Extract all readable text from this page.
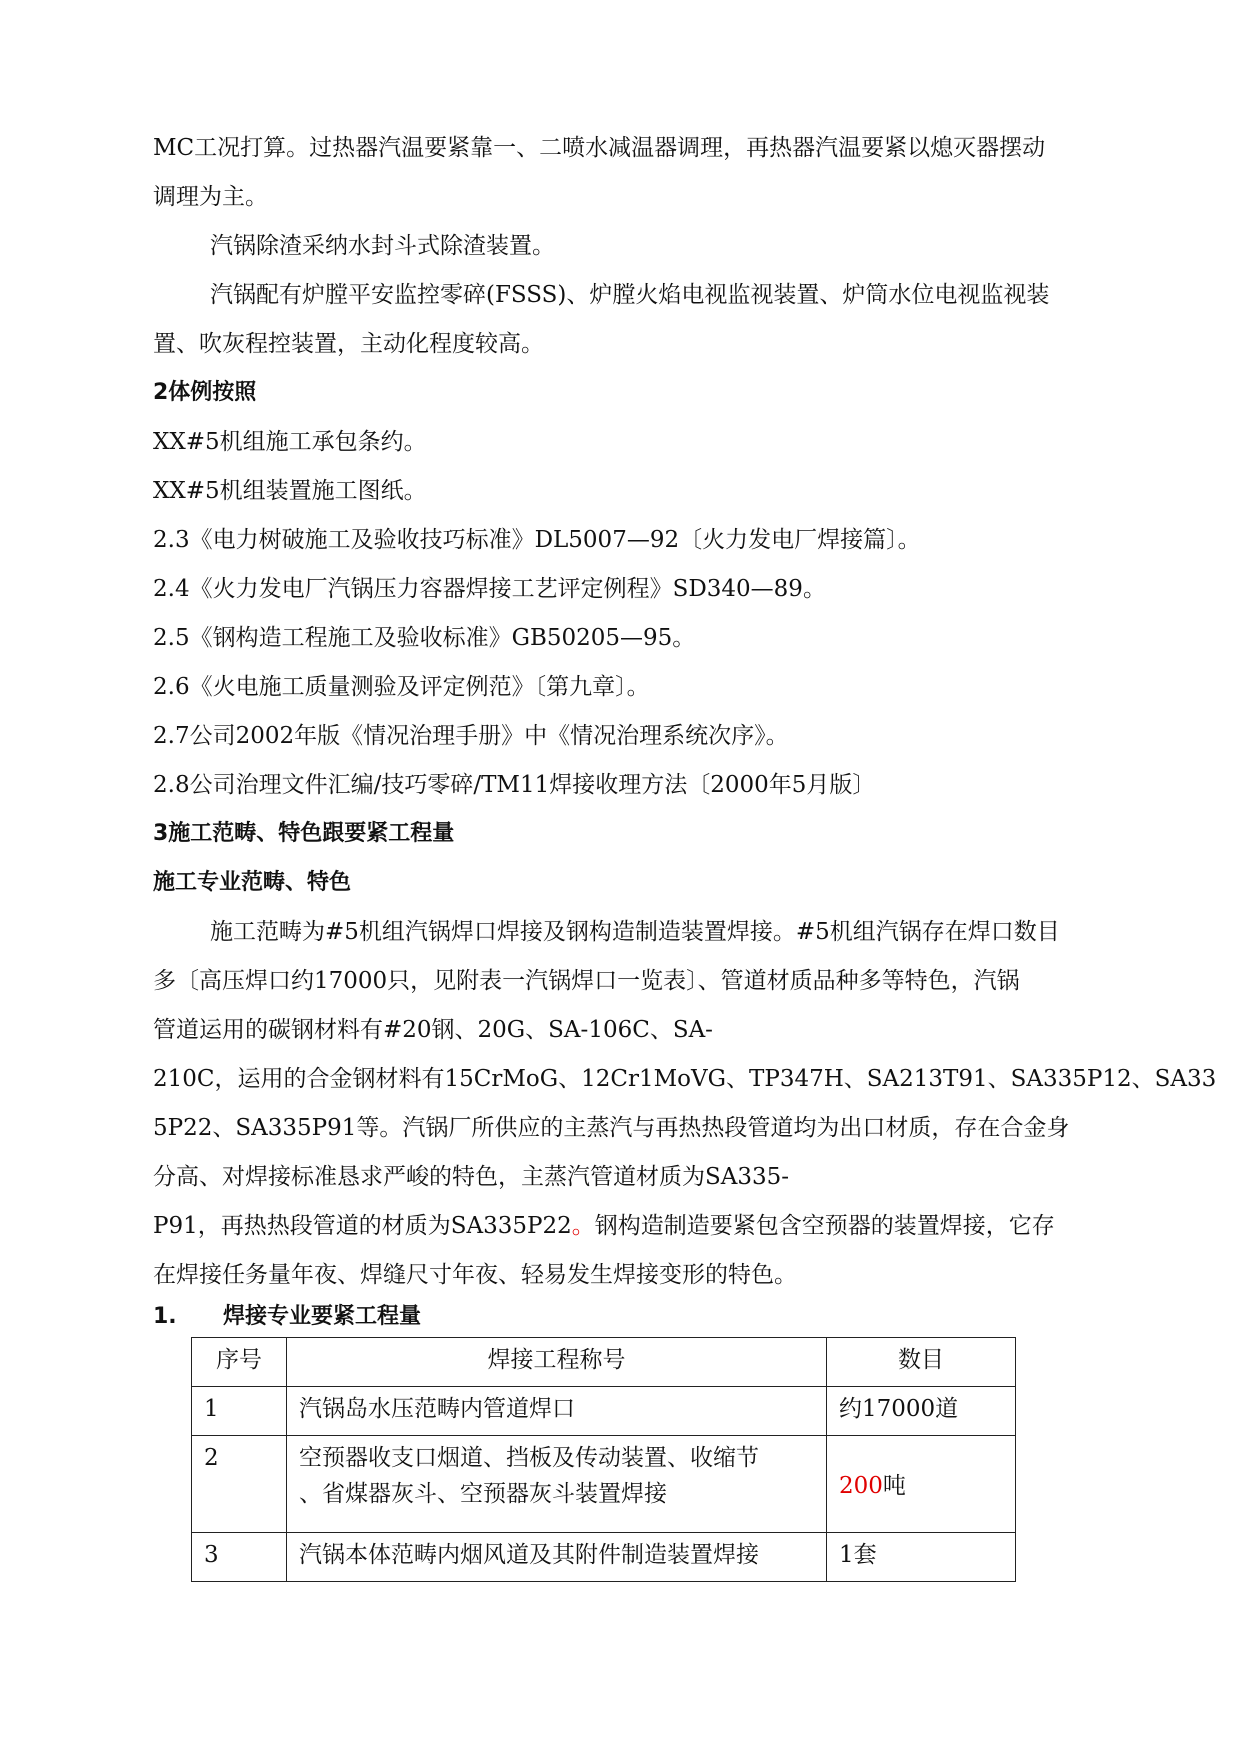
MC工况打算。过热器汽温要紧靠一、二喷水减温器调理，再热器汽温要紧以熄灭器摆动
调理为主。
汽锅除渣采纳水封斗式除渣装置。
汽锅配有炉膛平安监控零碎(FSSS)、炉膛火焰电视监视装置、炉筒水位电视监视装
置、吹灰程控装置，主动化程度较高。
2体例按照
XX#5机组施工承包条约。
XX#5机组装置施工图纸。
2.3《电力树破施工及验收技巧标准》DL5007—92〔火力发电厂焊接篇〕。
2.4《火力发电厂汽锅压力容器焊接工艺评定例程》SD340—89。
2.5《钢构造工程施工及验收标准》GB50205—95。
2.6《火电施工质量测验及评定例范》〔第九章〕。
2.7公司2002年版《情况治理手册》中《情况治理系统次序》。
2.8公司治理文件汇编/技巧零碎/TM11焊接收理方法〔2000年5月版〕
3施工范畴、特色跟要紧工程量
施工专业范畴、特色
施工范畴为#5机组汽锅焊口焊接及钢构造制造装置焊接。#5机组汽锅存在焊口数目
多〔高压焊口约17000只，见附表一汽锅焊口一览表〕、管道材质品种多等特色，汽锅
管道运用的碳钢材料有#20钢、20G、SA-106C、SA-
210C，运用的合金钢材料有15CrMoG、12Cr1MoVG、TP347H、SA213T91、SA335P12、SA33
5P22、SA335P91等。汽锅厂所供应的主蒸汽与再热热段管道均为出口材质，存在合金身
分高、对焊接标准恳求严峻的特色，主蒸汽管道材质为SA335-
P91，再热热段管道的材质为SA335P22。钢构造制造要紧包含空预器的装置焊接，它存
在焊接任务量年夜、焊缝尺寸年夜、轻易发生焊接变形的特色。
1. 焊接专业要紧工程量
序号	焊接工程称号	数目
1	汽锅岛水压范畴内管道焊口	约17000道
2	空预器收支口烟道、挡板及传动装置、收缩节
、省煤器灰斗、空预器灰斗装置焊接	200吨
3	汽锅本体范畴内烟风道及其附件制造装置焊接	1套
